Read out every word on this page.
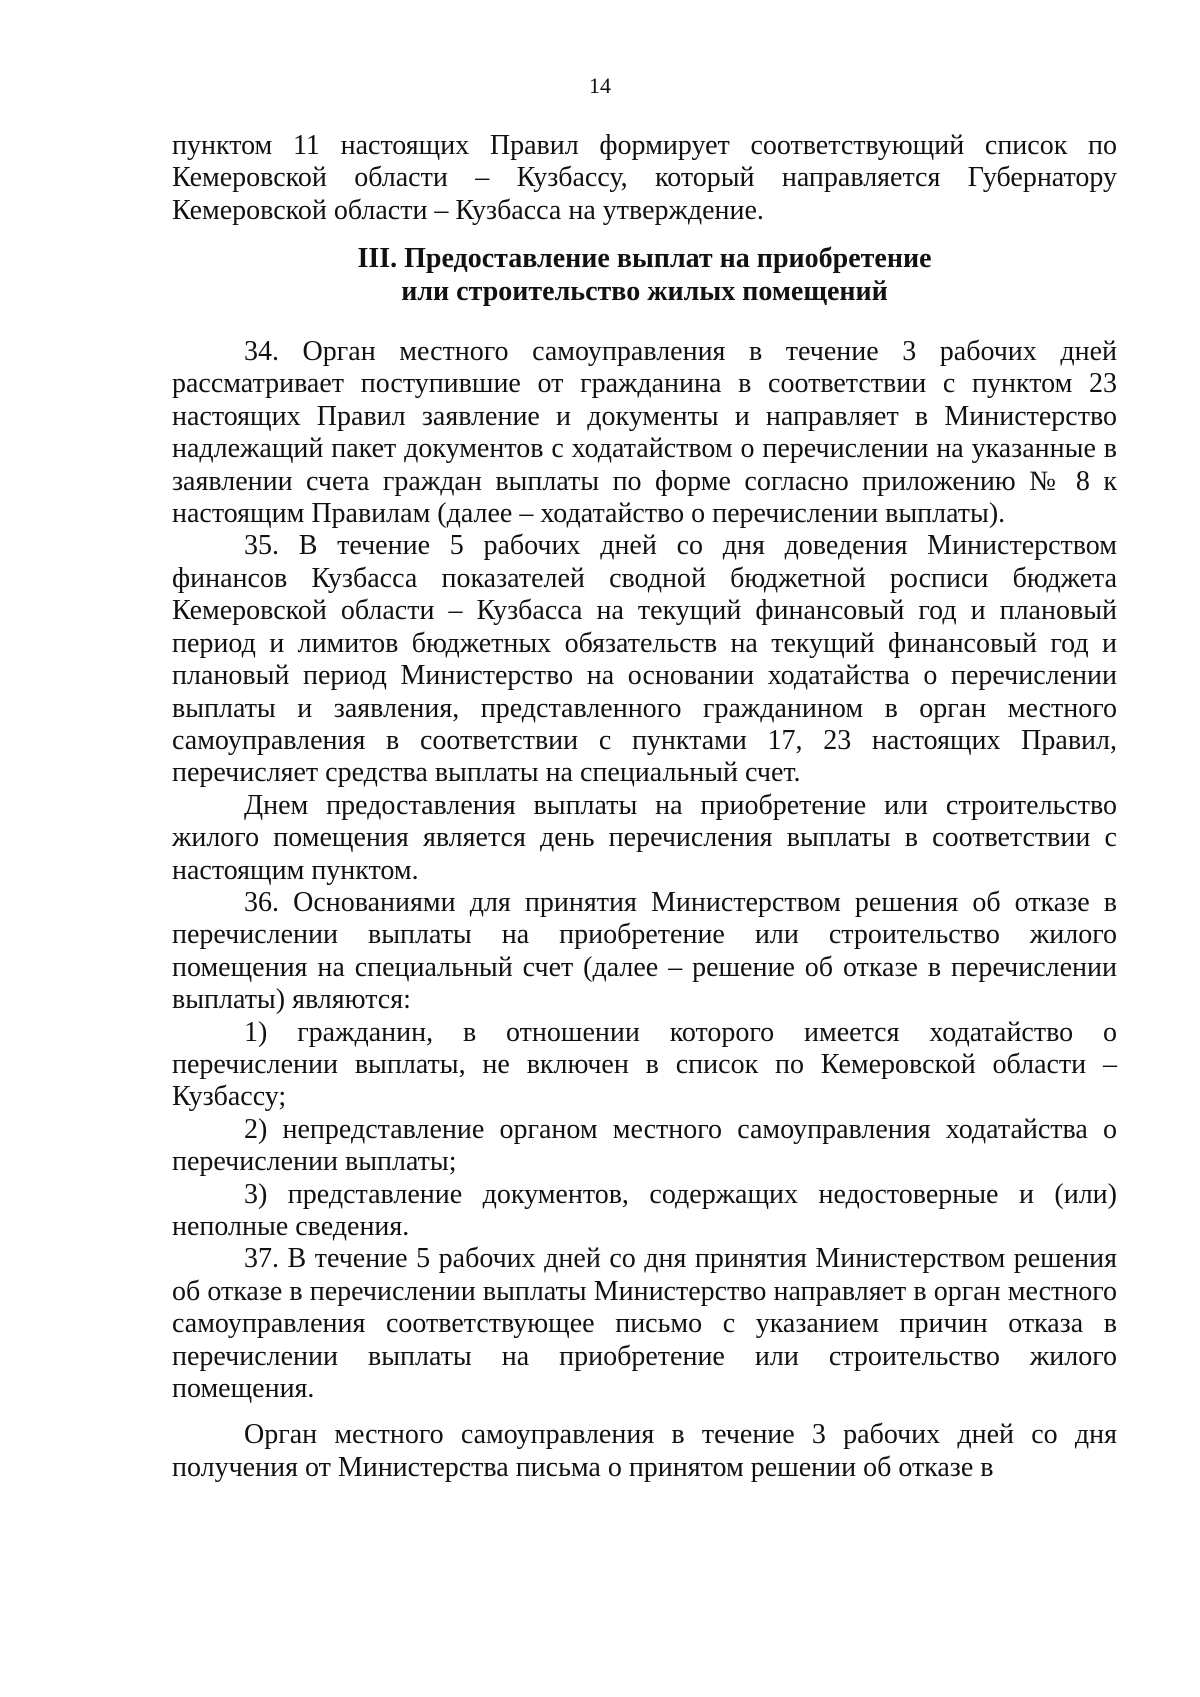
14

пунктом 11 настоящих Правил формирует соответствующий список по Кемеровской области – Кузбассу, который направляется Губернатору Кемеровской области – Кузбасса на утверждение.

III. Предоставление выплат на приобретение
или строительство жилых помещений

34. Орган местного самоуправления в течение 3 рабочих дней рассматривает поступившие от гражданина в соответствии с пунктом 23 настоящих Правил заявление и документы и направляет в Министерство надлежащий пакет документов с ходатайством о перечислении на указанные в заявлении счета граждан выплаты по форме согласно приложению № 8 к настоящим Правилам (далее – ходатайство о перечислении выплаты).

35. В течение 5 рабочих дней со дня доведения Министерством финансов Кузбасса показателей сводной бюджетной росписи бюджета Кемеровской области – Кузбасса на текущий финансовый год и плановый период и лимитов бюджетных обязательств на текущий финансовый год и плановый период Министерство на основании ходатайства о перечислении выплаты и заявления, представленного гражданином в орган местного самоуправления в соответствии с пунктами 17, 23 настоящих Правил, перечисляет средства выплаты на специальный счет.

Днем предоставления выплаты на приобретение или строительство жилого помещения является день перечисления выплаты в соответствии с настоящим пунктом.

36. Основаниями для принятия Министерством решения об отказе в перечислении выплаты на приобретение или строительство жилого помещения на специальный счет (далее – решение об отказе в перечислении выплаты) являются:

1) гражданин, в отношении которого имеется ходатайство о перечислении выплаты, не включен в список по Кемеровской области – Кузбассу;

2) непредставление органом местного самоуправления ходатайства о перечислении выплаты;

3) представление документов, содержащих недостоверные и (или) неполные сведения.

37. В течение 5 рабочих дней со дня принятия Министерством решения об отказе в перечислении выплаты Министерство направляет в орган местного самоуправления соответствующее письмо с указанием причин отказа в перечислении выплаты на приобретение или строительство жилого помещения.

Орган местного самоуправления в течение 3 рабочих дней со дня получения от Министерства письма о принятом решении об отказе в
